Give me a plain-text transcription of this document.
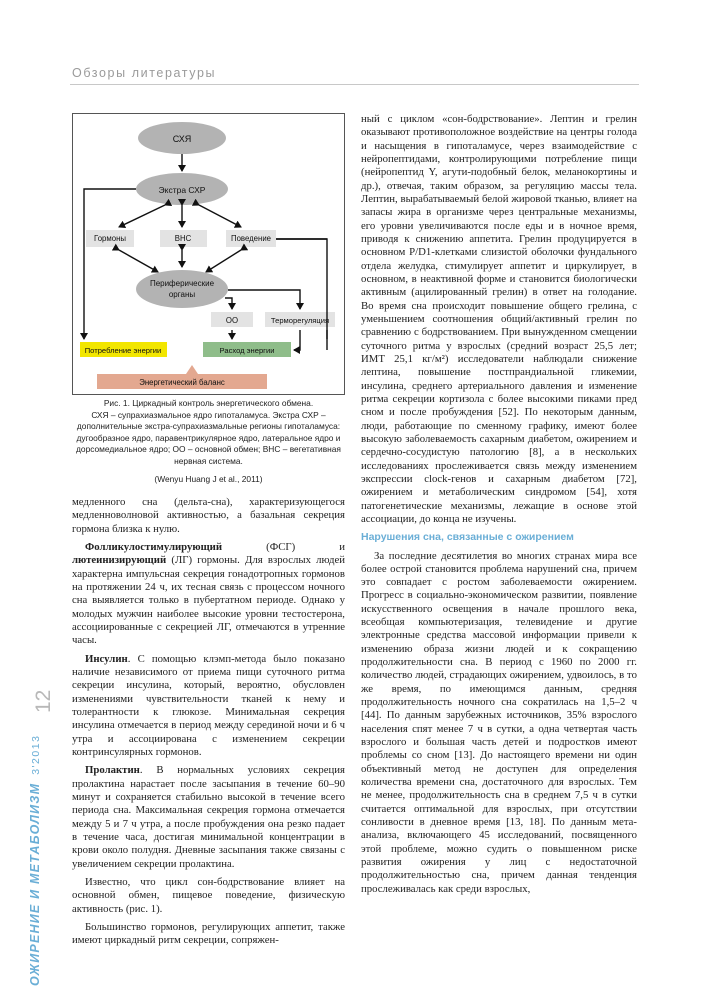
Обзоры литературы
СХЯ
Экстра СХР
Периферические
органы
Гормоны	ВНС	Поведение
ОО	Терморегуляция
Потребление энергии	Расход энергии
Энергетический баланс

Рис. 1. Циркадный контроль энергетического обмена.

СХЯ – супрахиазмальное ядро гипоталамуса. Экстра СХР – дополнительные экстра-супрахиазмальные регионы гипоталамуса: дугообразное ядро, паравентрикулярное ядро, латеральное ядро и дорсомедиальное ядро; ОО – основной обмен; ВНС – вегетативная нервная система.

(Wenyu Huang J et al., 2011)

медленного сна (дельта-сна), характеризующегося медленноволновой активностью, а базальная секреция гормона близка к нулю.

Фолликулостимулирующий (ФСГ) и лютеинизирующий (ЛГ) гормоны. Для взрослых людей характерна импульсная секреция гонадотропных гормонов на протяжении 24 ч, их тесная связь с процессом ночного сна выявляется только в пубертатном периоде. Однако у молодых мужчин наиболее высокие уровни тестостерона, ассоциированные с секрецией ЛГ, отмечаются в утренние часы.

Инсулин. С помощью клэмп-метода было показано наличие независимого от приема пищи суточного ритма секреции инсулина, который, вероятно, обусловлен изменениями чувствительности тканей к нему и толерантности к глюкозе. Минимальная секреция инсулина отмечается в период между серединой ночи и 6 ч утра и ассоциирована с изменением секреции контринсулярных гормонов.

Пролактин. В нормальных условиях секреция пролактина нарастает после засыпания в течение 60–90 минут и сохраняется стабильно высокой в течение всего периода сна. Максимальная секреция гормона отмечается между 5 и 7 ч утра, а после пробуждения она резко падает в течение часа, достигая минимальной концентрации в крови около полудня. Дневные засыпания также связаны с увеличением секреции пролактина.

Известно, что цикл сон-бодрствование влияет на основной обмен, пищевое поведение, физическую активность (рис. 1).

Большинство гормонов, регулирующих аппетит, также имеют циркадный ритм секреции, сопряжен-

ный с циклом «сон-бодрствование». Лептин и грелин оказывают противоположное воздействие на центры голода и насыщения в гипоталамусе, через взаимодействие с нейропептидами, контролирующими потребление пищи (нейропептид Y, агути-подобный белок, меланокортины и др.), отвечая, таким образом, за регуляцию массы тела. Лептин, вырабатываемый белой жировой тканью, влияет на запасы жира в организме через центральные механизмы, его уровни увеличиваются после еды и в ночное время, приводя к снижению аппетита. Грелин продуцируется в основном P/D1-клетками слизистой оболочки фундального отдела желудка, стимулирует аппетит и циркулирует, в основном, в неактивной форме и становится биологически активным (ацилированный грелин) в ответ на голодание. Во время сна происходит повышение общего грелина, с уменьшением соотношения общий/активный грелин по сравнению с бодрствованием. При вынужденном смещении суточного ритма у взрослых (средний возраст 25,5 лет; ИМТ 25,1 кг/м²) исследователи наблюдали снижение лептина, повышение постпрандиальной гликемии, инсулина, среднего артериального давления и изменение ритма секреции кортизола с более высокими пиками пред сном и после пробуждения [52]. По некоторым данным, люди, работающие по сменному графику, имеют более высокую заболеваемость сахарным диабетом, ожирением и сердечно-сосудистую патологию [8], а в нескольких исследованиях прослеживается связь между изменением экспрессии clock-генов и сахарным диабетом [72], ожирением и метаболическим синдромом [54], хотя патогенетические механизмы, лежащие в основе этой ассоциации, до конца не изучены.

Нарушения сна, связанные с ожирением

За последние десятилетия во многих странах мира все более острой становится проблема нарушений сна, причем это совпадает с ростом заболеваемости ожирением. Прогресс в социально-экономическом развитии, появление искусственного освещения в начале прошлого века, всеобщая компьютеризация, телевидение и другие электронные средства массовой информации привели к изменению образа жизни людей и к сокращению продолжительности сна. В период с 1960 по 2000 гг. количество людей, страдающих ожирением, удвоилось, в то же время, по имеющимся данным, средняя продолжительность ночного сна сократилась на 1,5–2 ч [44]. По данным зарубежных источников, 35% взрослого населения спят менее 7 ч в сутки, а одна четвертая часть взрослого и большая часть детей и подростков имеют проблемы со сном [13]. До настоящего времени ни один объективный метод не доступен для определения количества времени сна, достаточного для взрослых. Тем не менее, продолжительность сна в среднем 7,5 ч в сутки считается оптимальной для взрослых, при отсутствии сонливости в дневное время [13, 18]. По данным мета-анализа, включающего 45 исследований, посвященного этой проблеме, можно судить о повышенном риске развития ожирения у лиц с недостаточной продолжительностью сна, причем данная тенденция прослеживалась как среди взрослых,

ОЖИРЕНИЕ И МЕТАБОЛИЗМ3'2013
12
